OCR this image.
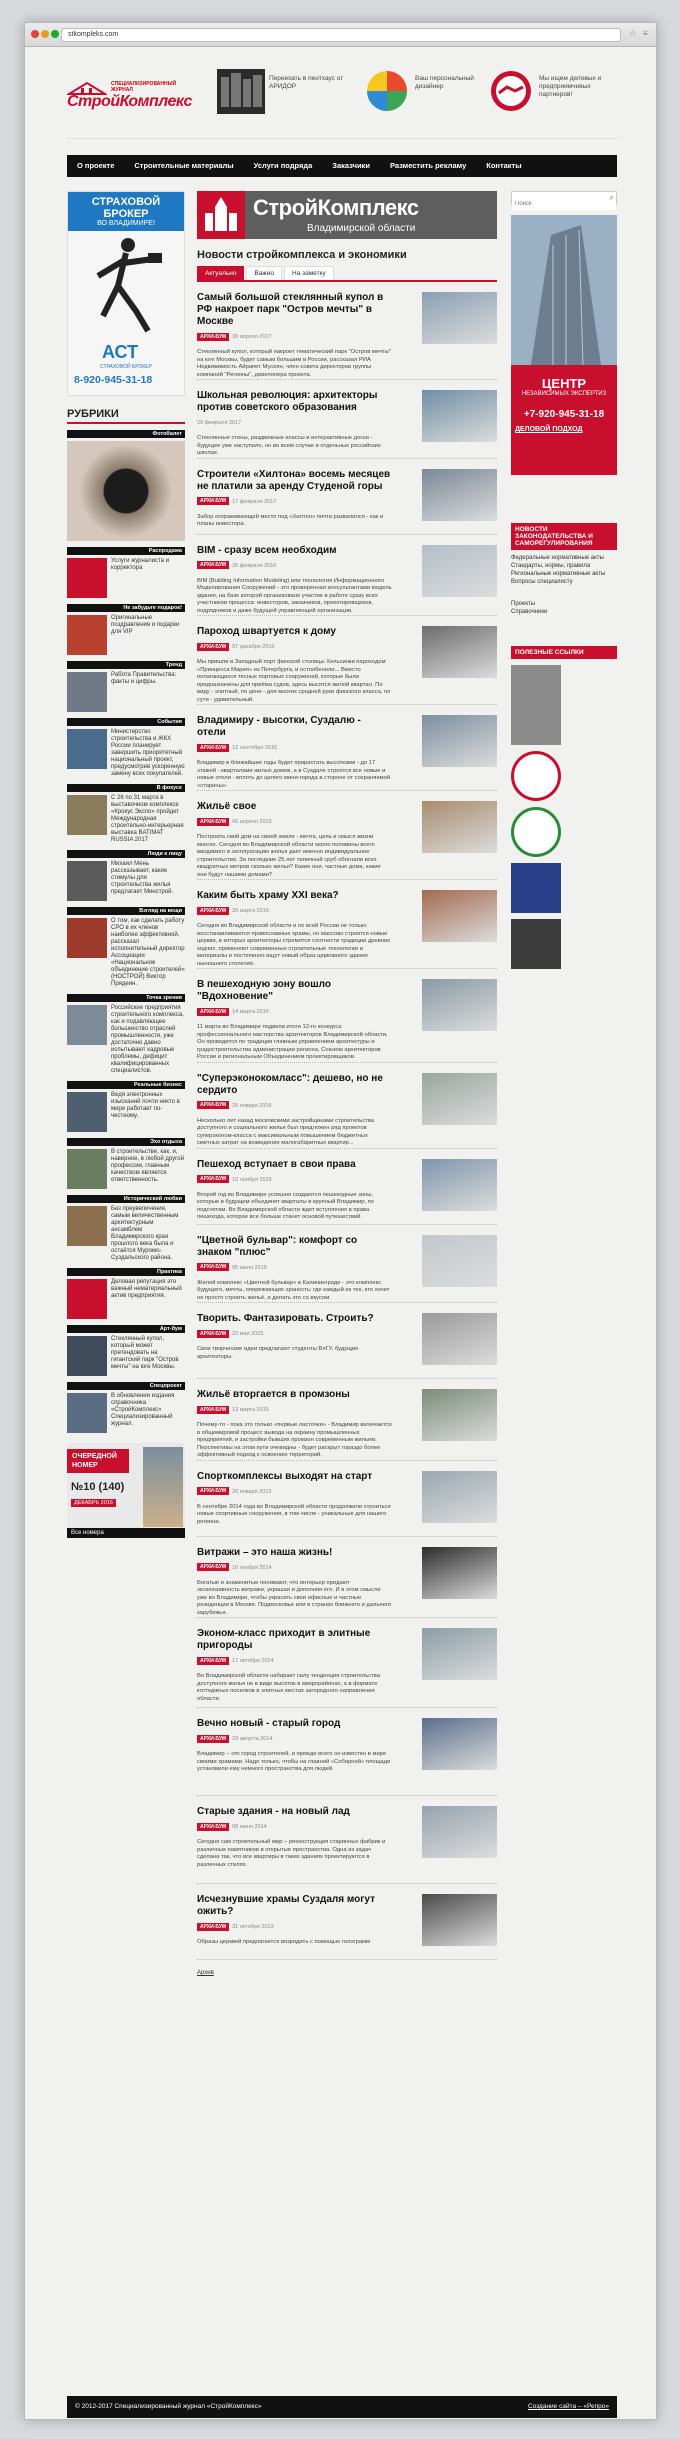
stkompleks.com	☆ ≡
СПЕЦИАЛИЗИРОВАННЫЙ ЖУРНАЛ
СтройКомплекс
Переехать в пентхаус от АРИДОР
Ваш персональный дизайнер
Мы ищем деловых и предприимчивых партнеров!
О проекте	Строительные материалы	Услуги подряда	Заказчики	Разместить рекламу	Контакты
СТРАХОВОЙ БРОКЕР
ВО ВЛАДИМИРЕ!
АСТ
СТРАХОВОЙ БРОКЕР
8-920-945-31-18
РУБРИКИ
Фотобалет
Распродажа
Услуги журналиста и корректора
Не забудьте подарок!
Оригинальные поздравления и подарки для VIP
Тренд
Работа Правительства: факты и цифры.
События
Министерство строительства и ЖКХ России планирует завершить приоритетный национальный проект, предусмотрев ускоренную замену всех покупателей.
В фокусе
С 26 по 31 марта в выставочном комплексе «Крокус Экспо» пройдет Международная строительно-интерьерная выставка BATIMAT RUSSIA 2017
Люди к лицу
Михаил Мень рассказывает, какие стимулы для строительства жилья предлагает Минстрой.
Взгляд на вещи
О том, как сделать работу СРО в их членов наиболее эффективной, рассказал исполнительный директор Ассоциации «Национальное объединение строителей» (НОСТРОЙ) Виктор Прядеин.
Точка зрения
Российские предприятия строительного комплекса, как и подавляющее большинство отраслей промышленности, уже достаточно давно испытывают кадровые проблемы, дефицит квалифицированных специалистов.
Реальные бизнес
Ведя электронных изысканий почти никто в мире работает по-честному.
Эхо отдыха
В строительстве, как, и, наверное, в любой другой профессии, главным качеством является ответственность.
Исторический любви
Без преувеличения, самым величественным архитектурным ансамблем Владимирского края прошлого века была и остаётся Муромо-Суздальского района.
Практика
Деловая репутация это важный нематериальный актив предприятия.
Арт-бум
Стеклянный купол, который может претендовать на гигантский парк "Остров мечты" на юге Москвы.
Спецпроект
В обновлении издания справочника «СтройКомплекс» Специализированный журнал.
ОЧЕРЕДНОЙ НОМЕР
№10 (140)
ДЕКАБРЬ 2016
Все номера
СтройКомплекс
Владимирской области
Новости стройкомплекса и экономики
Актуально	Важно	На заметку
Самый большой стеклянный купол в РФ накроет парк "Остров мечты" в Москве
АРХИ-БУМ 30 апреля 2017

Стеклянный купол, который накроет тематический парк "Остров мечты" на юге Москвы, будет самым большим в России, рассказал РИА Недвижимость Айрапет Мусоян, член совета директоров группы компаний "Регионы", девелопера проекта.

Школьная революция: архитекторы против советского образования
20 февраля 2017

Стеклянные стены, раздвижные классы и интерактивные доски - будущее уже наступило, но во всем случае в отдельных российских школах.

Строители «Хилтона» восемь месяцев не платили за аренду Студеной горы
АРХИ-БУМ 17 февраля 2017

Забор огораживающей место под «Хилтон» почти развалился - как и планы инвестора.

BIM - сразу всем необходим
АРХИ-БУМ 26 февраля 2016

BIM (Building Information Modeling) или технология Информационного Моделирования Сооружений - это проверенная консультантами модель здания, на базе которой организовано участие в работе сразу всех участников процесса: инвесторов, заказчиков, проектировщиков, подрядчиков и даже будущей управляющей организации.

Пароход швартуется к дому
АРХИ-БУМ 07 декабря 2016

Мы пришли в Западный порт финской столицы Хельсинки пароходом «Принцесса Мария» из Петербурга, и остолбенели... Вместо полагающихся тесных портовых сооружений, которые были предназначены для приёма судов, здесь высятся жилой квартал. По виду - элитный, по цене - для многих средней руки финского класса, по сути - удивительный.

Владимиру - высотки, Суздалю - отели
АРХИ-БУМ 12 сентября 2016

Владимир в ближайшие годы будет прирастать высотками - до 17 этажей - кварталами жилых домов, а в Суздале строятся все новые и новые отели - вплоть до целого мини-города в стороне от сохраняемой «старины».

Жильё свое
АРХИ-БУМ 06 апреля 2016

Построить свой дом на своей земле - мечта, цель и смысл жизни многих. Сегодня во Владимирской области около половины всего вводимого в эксплуатацию жилья дает именно индивидуальное строительство. За последние 25 лет типичный сруб обогнали всех квадратных метров сколько жилья? Какие они, частные дома, какие они будут нашими домами?

Каким быть храму XXI века?
АРХИ-БУМ 26 марта 2016

Сегодня во Владимирской области и по всей России не только восстанавливаются православные храмы, но массово строятся новые церкви, в которых архитекторы стремятся соотнести традиции древних зодчих, применяют современные строительные технологии и материалы и постепенно ищут новый образ церковного здания нынешнего столетия.

В пешеходную зону вошло "Вдохновение"
АРХИ-БУМ 14 марта 2016

11 марта во Владимире подвели итоги 12-го конкурса профессионального мастерства архитекторов Владимирской области. Он проводится по традиции главным управлением архитектуры и градостроительства администрации региона, Союзом архитекторов России и региональным Объединением проектировщиков.

"Суперэконокомласс": дешево, но не сердито
АРХИ-БУМ 25 января 2016

Несколько лет назад московскими застройщиками строительства доступного и социального жилья был предложен ряд проектов суперэконом-класса с максимальным повышением бюджетных сметных затрат на возведение малогабаритных квартир...

Пешеход вступает в свои права
АРХИ-БУМ 10 ноября 2015

Второй год во Владимире успешно создаются пешеходные зоны, которые в будущем объединят кварталы в крупный Владимир, по подсчетам. Во Владимирской области ждет вступления в права пешехода, которое все больше станет основой путешествий.

"Цветной бульвар": комфорт со знаком "плюс"
АРХИ-БУМ 05 июля 2015

Жилой комплекс «Цветной бульвар» в Калининграде - это комплекс будущего, мечты, опережающих эраность: где каждый из тех, кто хочет не просто строить жильё, а делать это со вкусом.

Творить. Фантазировать. Строить?
АРХИ-БУМ 22 мая 2015

Свои творческие идеи предлагают студенты ВлГУ, будущие архитекторы.

Жильё вторгается в промзоны
АРХИ-БУМ 13 марта 2015

Почему-то - пока это только «первые ласточки» - Владимир включается в общемировой процесс вывода на окраину промышленных предприятий, и застройки бывших промзон современным жильем. Перспективы на этом пути очевидны - будет раскрыт гораздо более эффективный подход к освоению территорий.

Спорткомплексы выходят на старт
АРХИ-БУМ 20 января 2015

В сентябре 2014 года во Владимирской области продолжили строиться новые спортивные сооружения, в том числе - уникальные для нашего региона.

Витражи – это наша жизнь!
АРХИ-БУМ 16 ноября 2014

Богатые и знаменитые понимают, что интерьер придают эксклюзивность витражи, украшая и дополняя его. И в этом смысле уже во Владимире, чтобы украсить свои офисные и частные резиденции в Москве. Подмосковье или в странах ближнего и дальнего зарубежья.

Эконом-класс приходит в элитные пригороды
АРХИ-БУМ 17 октября 2014

Во Владимирской области набирает силу тенденция строительства доступного жилья не в виде высоток в микрорайонах, а в формате коттеджных поселков в элитных местах загородного направления области.

Вечно новый - старый город
АРХИ-БУМ 23 августа 2014

Владимир – это город строителей, и прежде всего он известен в мире своими храмами. Надо только, чтобы на главной «Соборной» площади установили ему немного пространства для людей.

Старые здания - на новый лад
АРХИ-БУМ 08 июня 2014

Сегодня сам строительный мир – реконструкция старинных фабрик и различных памятников в открытые пространства. Одна из задач сделана так, что все квартиры в таких зданиях проектируются в различных стилях.

Исчезнувшие храмы Суздаля могут ожить?
АРХИ-БУМ 31 октября 2013

Образы церквей предлагается возродить с помощью голограмм

Архив
Поиск
⌕
ЦЕНТР
НЕЗАВИСИМЫХ ЭКСПЕРТИЗ
+7-920-945-31-18
ДЕЛОВОЙ ПОДХОД
НОВОСТИ ЗАКОНОДАТЕЛЬСТВА И САМОРЕГУЛИРОВАНИЯ
Федеральные нормативные акты
Стандарты, нормы, правила
Региональные нормативные акты
Вопросы специалисту
Проекты
Справочники
ПОЛЕЗНЫЕ ССЫЛКИ
© 2012-2017 Специализированный журнал «СтройКомплекс»	Создание сайта – «Репро»
